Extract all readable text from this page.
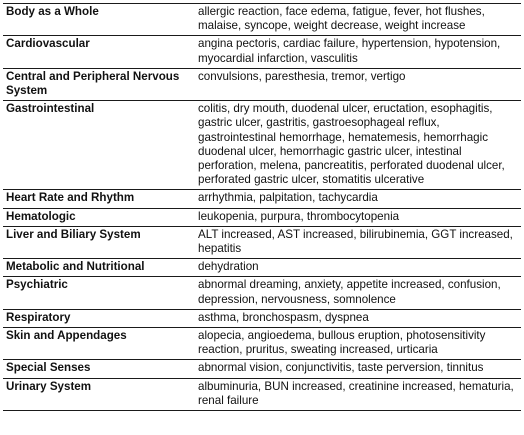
Body as a Whole	allergic reaction, face edema, fatigue, fever, hot flushes, malaise, syncope, weight decrease, weight increase
Cardiovascular	angina pectoris, cardiac failure, hypertension, hypotension, myocardial infarction, vasculitis
Central and Peripheral Nervous System	convulsions, paresthesia, tremor, vertigo
Gastrointestinal	colitis, dry mouth, duodenal ulcer, eructation, esophagitis, gastric ulcer, gastritis, gastroesophageal reflux, gastrointestinal hemorrhage, hematemesis, hemorrhagic duodenal ulcer, hemorrhagic gastric ulcer, intestinal perforation, melena, pancreatitis, perforated duodenal ulcer, perforated gastric ulcer, stomatitis ulcerative
Heart Rate and Rhythm	arrhythmia, palpitation, tachycardia
Hematologic	leukopenia, purpura, thrombocytopenia
Liver and Biliary System	ALT increased, AST increased, bilirubinemia, GGT increased, hepatitis
Metabolic and Nutritional	dehydration
Psychiatric	abnormal dreaming, anxiety, appetite increased, confusion, depression, nervousness, somnolence
Respiratory	asthma, bronchospasm, dyspnea
Skin and Appendages	alopecia, angioedema, bullous eruption, photosensitivity reaction, pruritus, sweating increased, urticaria
Special Senses	abnormal vision, conjunctivitis, taste perversion, tinnitus
Urinary System	albuminuria, BUN increased, creatinine increased, hematuria, renal failure
